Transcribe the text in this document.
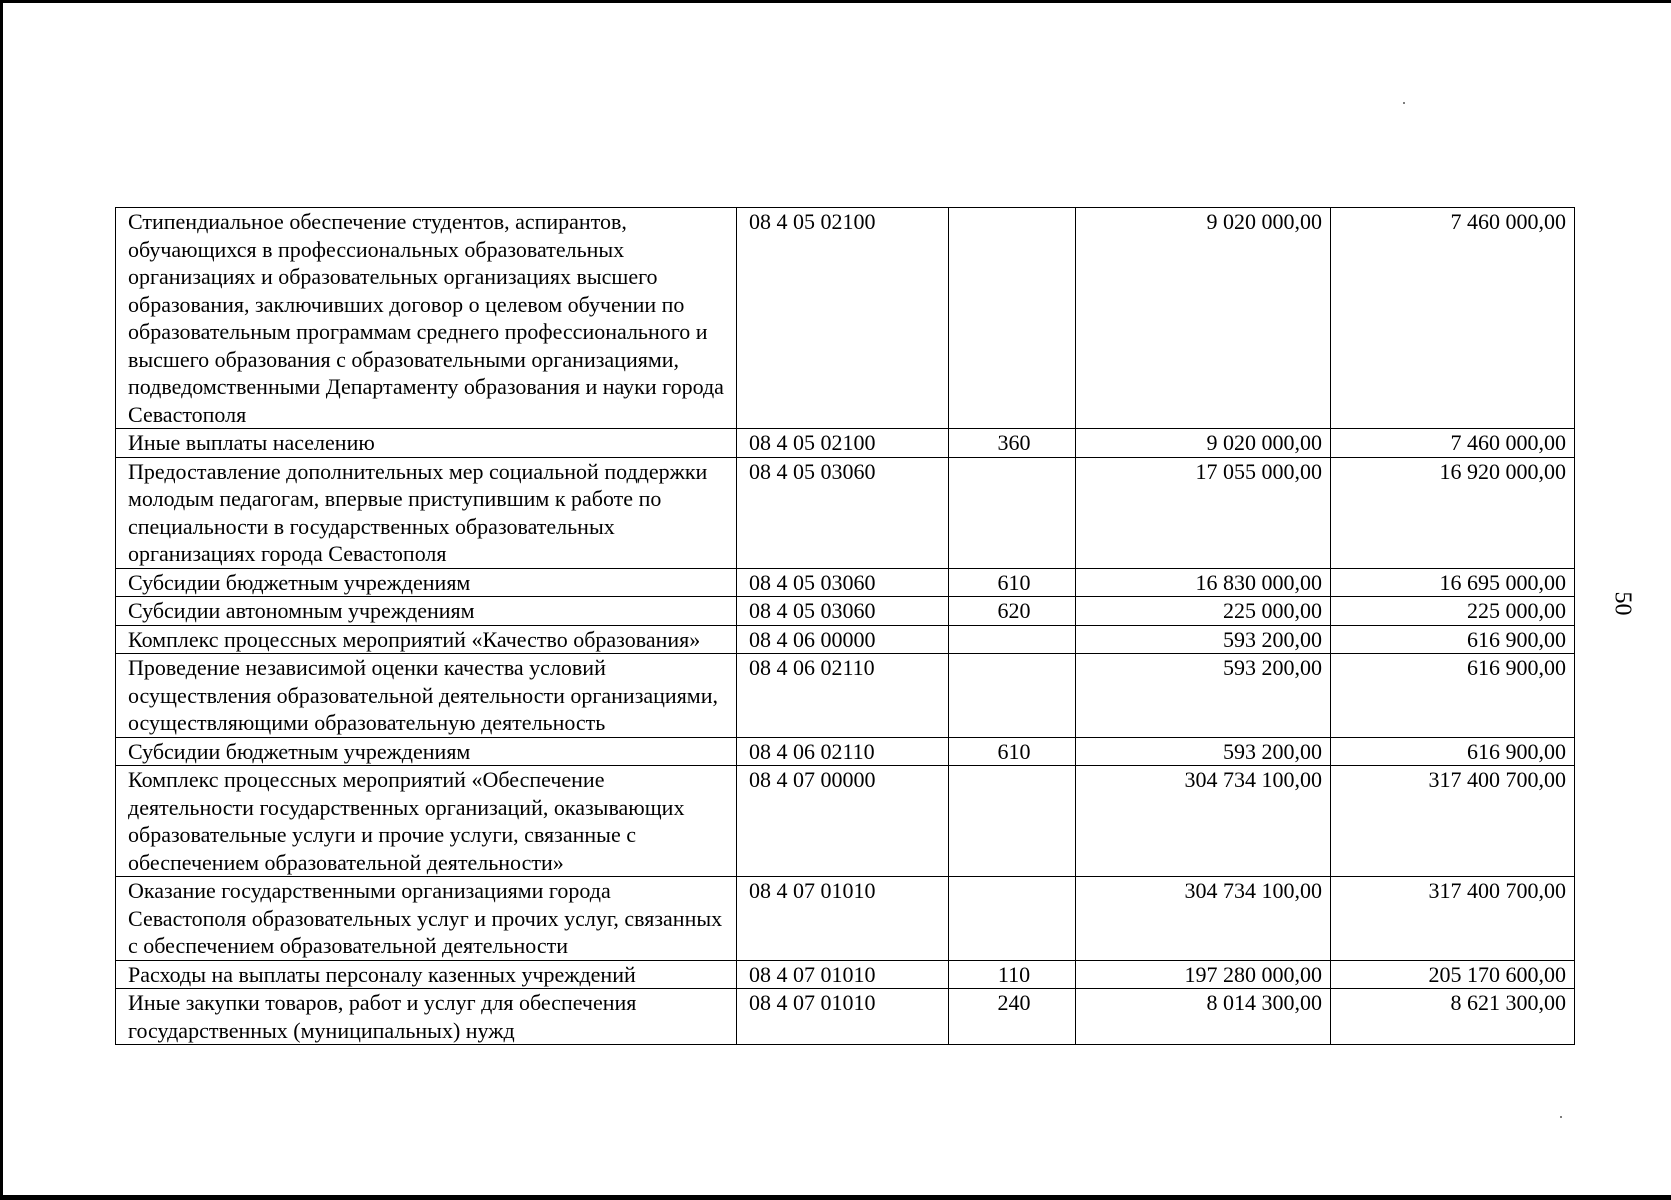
50
Стипендиальное обеспечение студентов, аспирантов, обучающихся в профессиональных образовательных организациях и образовательных организациях высшего образования, заключивших договор о целевом обучении по образовательным программам среднего профессионального и высшего образования с образовательными организациями, подведомственными Департаменту образования и науки города Севастополя	08 4 05 02100		9 020 000,00	7 460 000,00
Иные выплаты населению	08 4 05 02100	360	9 020 000,00	7 460 000,00
Предоставление дополнительных мер социальной поддержки молодым педагогам, впервые приступившим к работе по специальности в государственных образовательных организациях города Севастополя	08 4 05 03060		17 055 000,00	16 920 000,00
Субсидии бюджетным учреждениям	08 4 05 03060	610	16 830 000,00	16 695 000,00
Субсидии автономным учреждениям	08 4 05 03060	620	225 000,00	225 000,00
Комплекс процессных мероприятий «Качество образования»	08 4 06 00000		593 200,00	616 900,00
Проведение независимой оценки качества условий осуществления образовательной деятельности организациями, осуществляющими образовательную деятельность	08 4 06 02110		593 200,00	616 900,00
Субсидии бюджетным учреждениям	08 4 06 02110	610	593 200,00	616 900,00
Комплекс процессных мероприятий «Обеспечение деятельности государственных организаций, оказывающих образовательные услуги и прочие услуги, связанные с обеспечением образовательной деятельности»	08 4 07 00000		304 734 100,00	317 400 700,00
Оказание государственными организациями города Севастополя образовательных услуг и прочих услуг, связанных с обеспечением образовательной деятельности	08 4 07 01010		304 734 100,00	317 400 700,00
Расходы на выплаты персоналу казенных учреждений	08 4 07 01010	110	197 280 000,00	205 170 600,00
Иные закупки товаров, работ и услуг для обеспечения государственных (муниципальных) нужд	08 4 07 01010	240	8 014 300,00	8 621 300,00
